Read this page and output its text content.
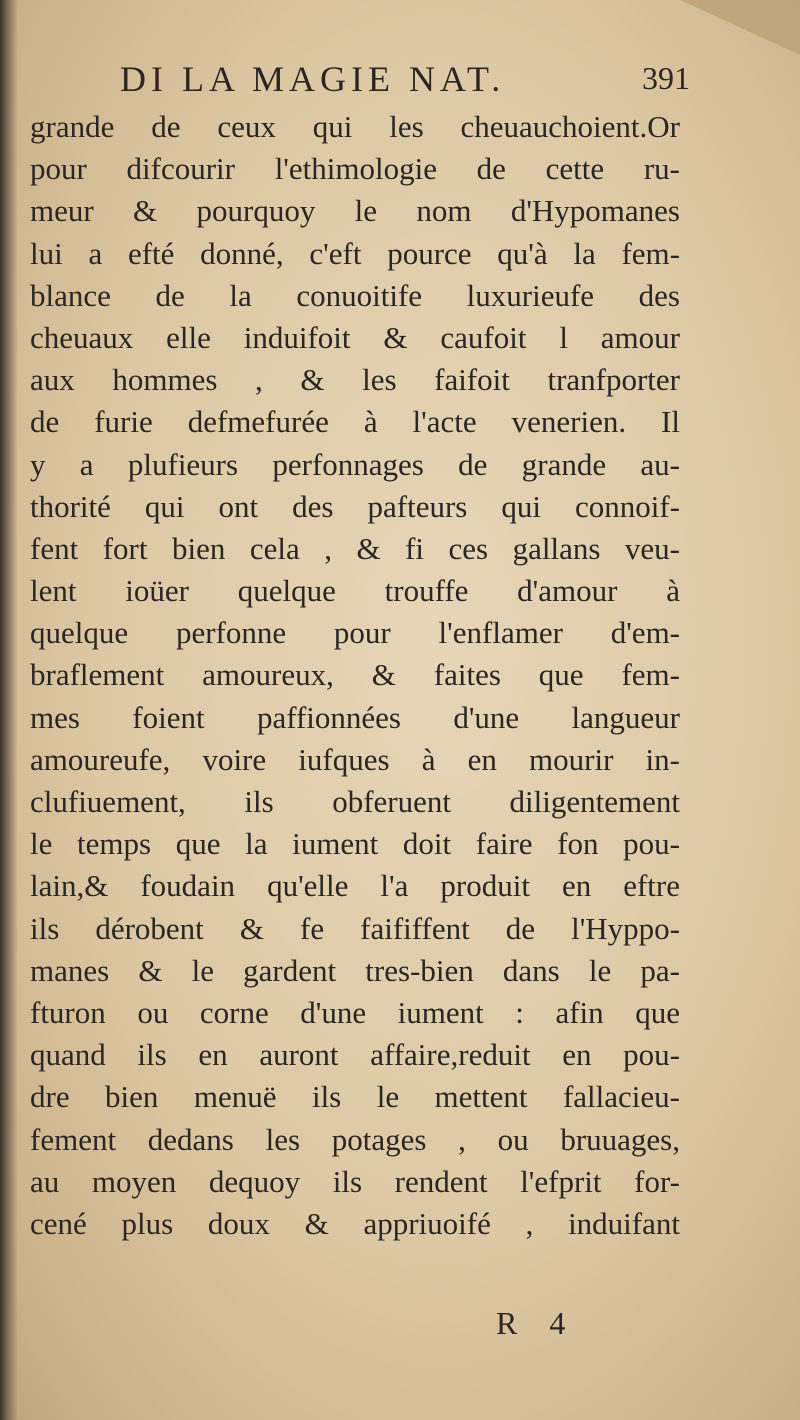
DI LA MAGIE NAT.	391
grande de ceux qui les cheuauchoient.Or
pour difcourir l'ethimologie de cette ru-
meur & pourquoy le nom d'Hypomanes
lui a efté donné, c'eft pource qu'à la fem-
blance de la conuoitife luxurieufe des
cheuaux elle induifoit & caufoit l amour
aux hommes , & les faifoit tranfporter
de furie defmefurée à l'acte venerien. Il
y a plufieurs perfonnages de grande au-
thorité qui ont des pafteurs qui connoif-
fent fort bien cela , & fi ces gallans veu-
lent ioüer quelque trouffe d'amour à
quelque perfonne pour l'enflamer d'em-
braflement amoureux, & faites que fem-
mes foient paffionnées d'une langueur
amoureufe, voire iufques à en mourir in-
clufiuement, ils obferuent diligentement
le temps que la iument doit faire fon pou-
lain,& foudain qu'elle l'a produit en eftre
ils dérobent & fe faififfent de l'Hyppo-
manes & le gardent tres-bien dans le pa-
fturon ou corne d'une iument : afin que
quand ils en auront affaire,reduit en pou-
dre bien menuë ils le mettent fallacieu-
fement dedans les potages , ou bruuages,
au moyen dequoy ils rendent l'efprit for-
cené plus doux & appriuoifé , induifant
R 4
